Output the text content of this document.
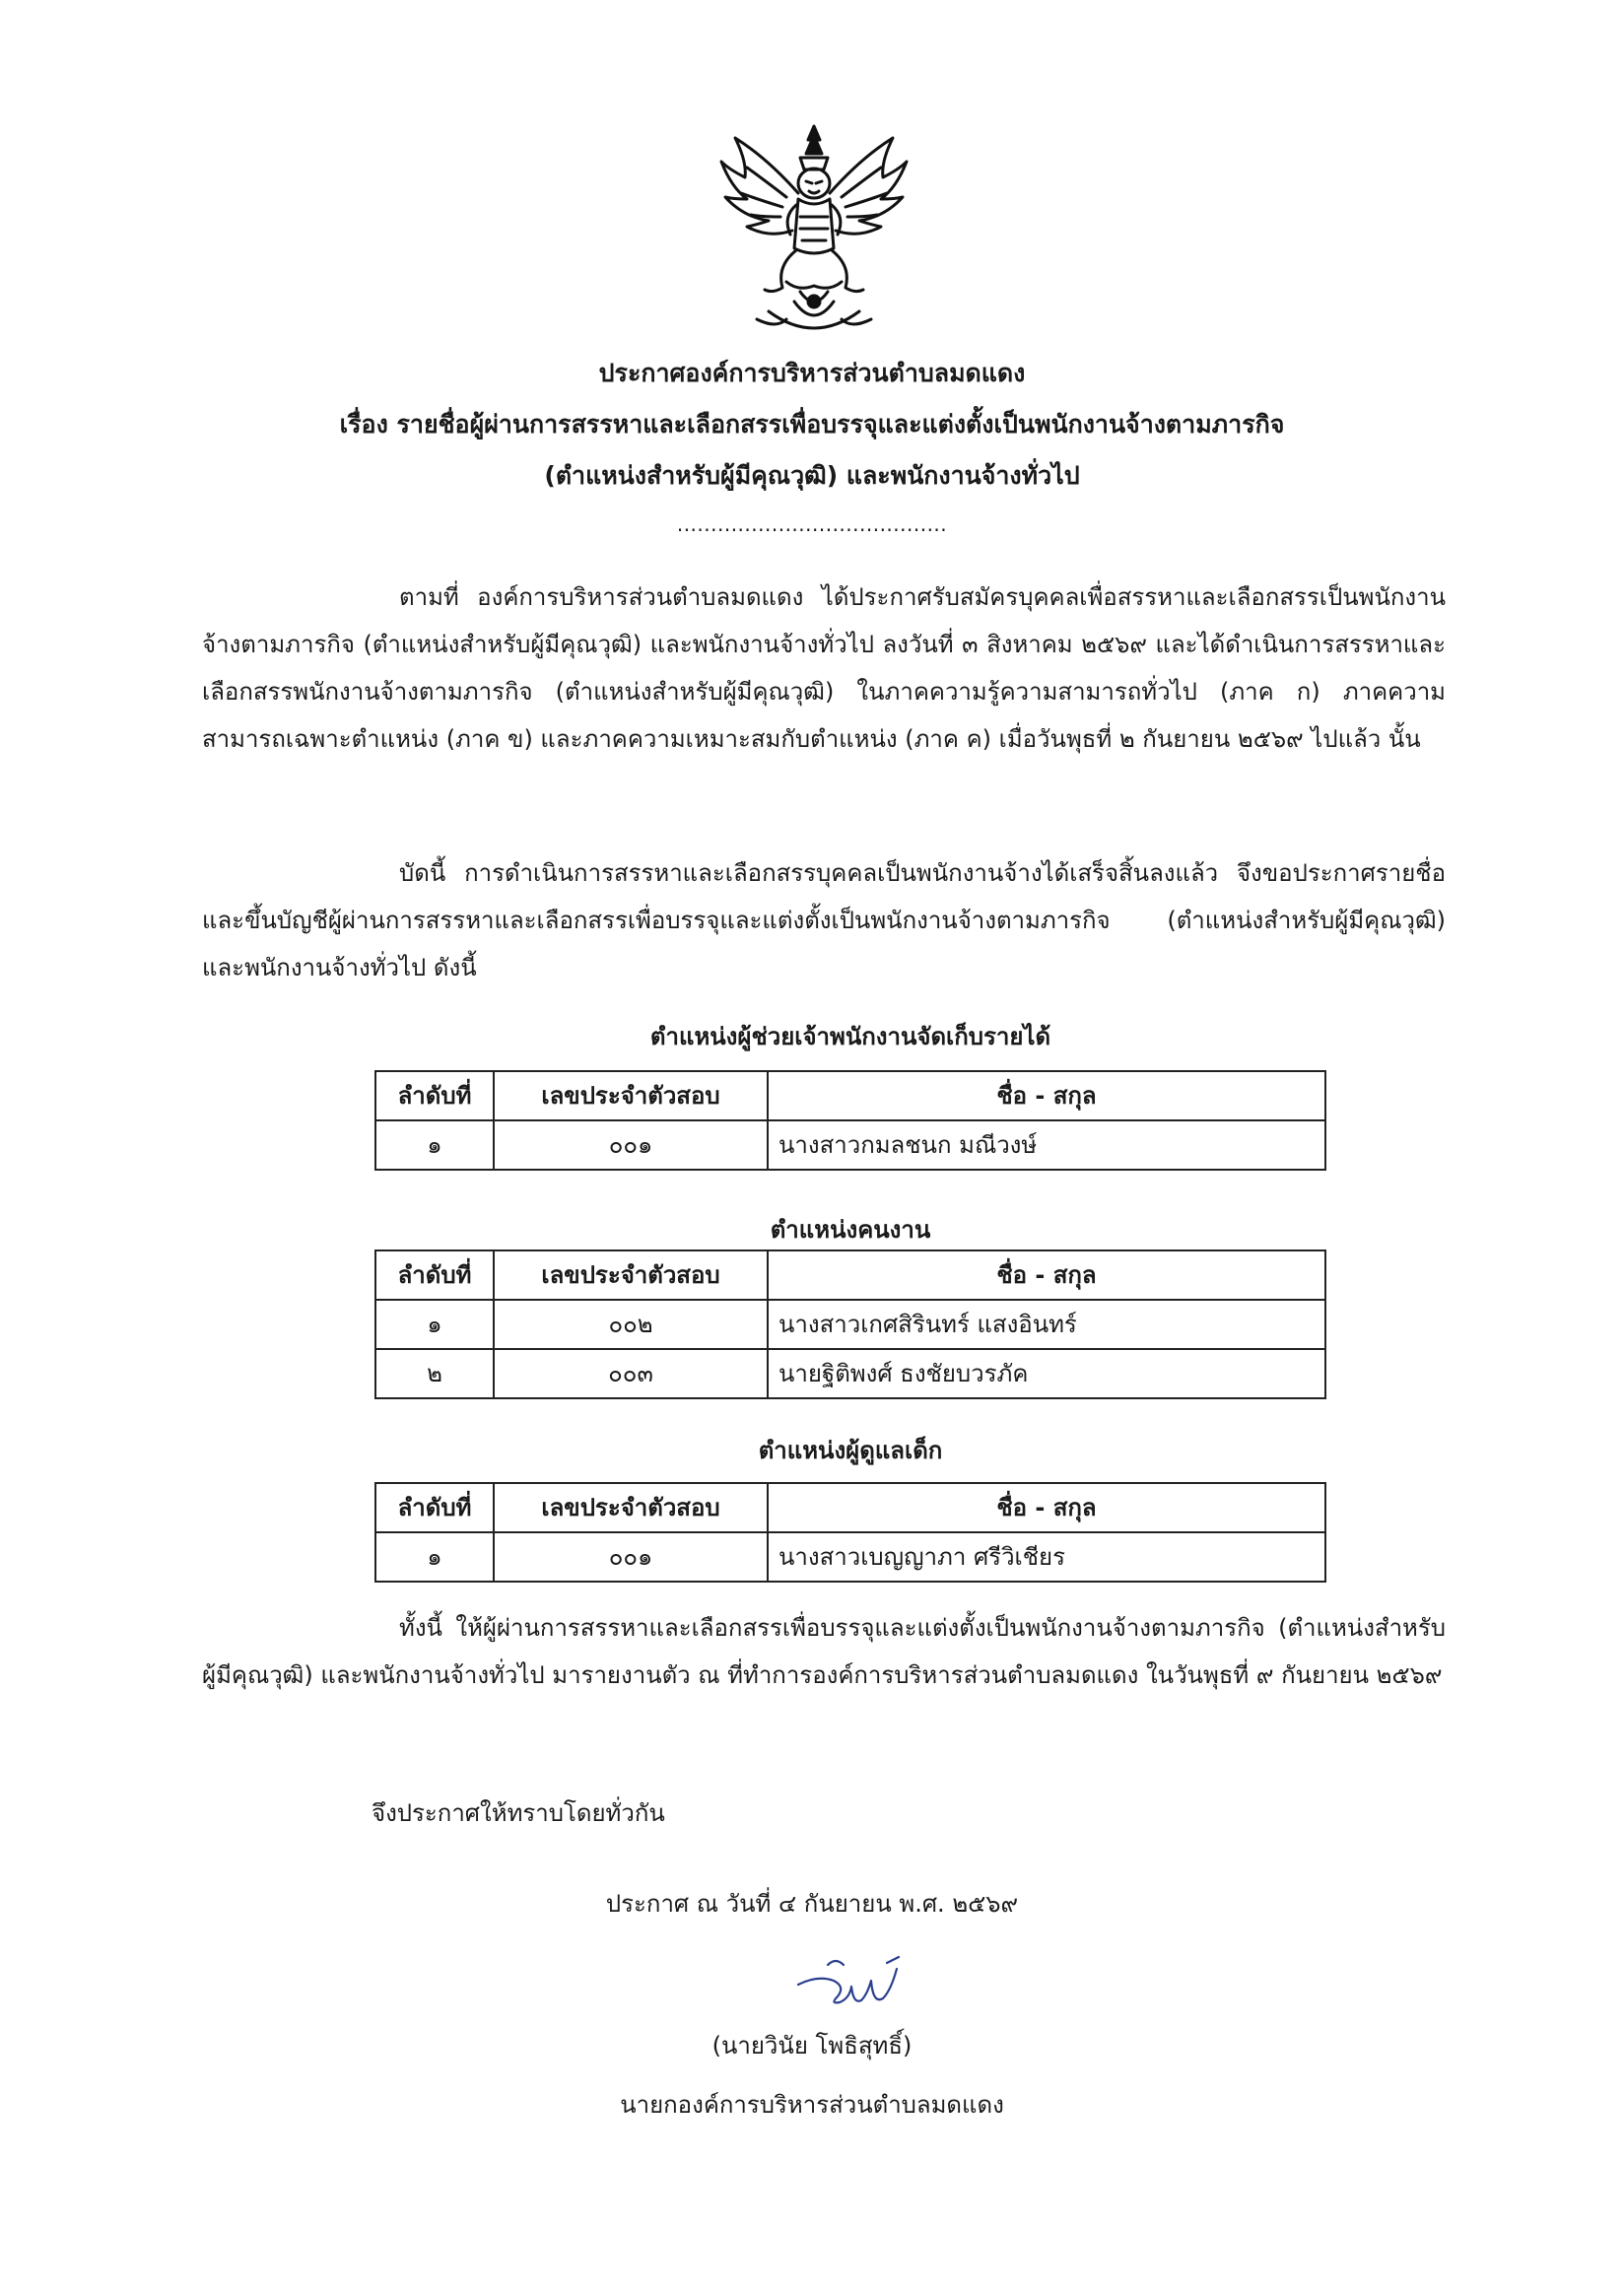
ประกาศองค์การบริหารส่วนตำบลมดแดง
เรื่อง รายชื่อผู้ผ่านการสรรหาและเลือกสรรเพื่อบรรจุและแต่งตั้งเป็นพนักงานจ้างตามภารกิจ
(ตำแหน่งสำหรับผู้มีคุณวุฒิ) และพนักงานจ้างทั่วไป
........................................
ตามที่ องค์การบริหารส่วนตำบลมดแดง ได้ประกาศรับสมัครบุคคลเพื่อสรรหาและเลือกสรรเป็นพนักงานจ้างตามภารกิจ (ตำแหน่งสำหรับผู้มีคุณวุฒิ) และพนักงานจ้างทั่วไป ลงวันที่ ๓ สิงหาคม ๒๕๖๙ และได้ดำเนินการสรรหาและเลือกสรรพนักงานจ้างตามภารกิจ (ตำแหน่งสำหรับผู้มีคุณวุฒิ) ในภาคความรู้ความสามารถทั่วไป (ภาค ก) ภาคความสามารถเฉพาะตำแหน่ง (ภาค ข) และภาคความเหมาะสมกับตำแหน่ง (ภาค ค) เมื่อวันพุธที่ ๒ กันยายน ๒๕๖๙ ไปแล้ว นั้น
บัดนี้ การดำเนินการสรรหาและเลือกสรรบุคคลเป็นพนักงานจ้างได้เสร็จสิ้นลงแล้ว จึงขอประกาศรายชื่อและขึ้นบัญชีผู้ผ่านการสรรหาและเลือกสรรเพื่อบรรจุและแต่งตั้งเป็นพนักงานจ้างตามภารกิจ (ตำแหน่งสำหรับผู้มีคุณวุฒิ) และพนักงานจ้างทั่วไป ดังนี้
ตำแหน่งผู้ช่วยเจ้าพนักงานจัดเก็บรายได้
ลำดับที่	เลขประจำตัวสอบ	ชื่อ - สกุล
๑	๐๐๑	นางสาวกมลชนก มณีวงษ์
ตำแหน่งคนงาน
ลำดับที่	เลขประจำตัวสอบ	ชื่อ - สกุล
๑	๐๐๒	นางสาวเกศสิรินทร์ แสงอินทร์
๒	๐๐๓	นายฐิติพงศ์ ธงชัยบวรภัค
ตำแหน่งผู้ดูแลเด็ก
ลำดับที่	เลขประจำตัวสอบ	ชื่อ - สกุล
๑	๐๐๑	นางสาวเบญญาภา ศรีวิเชียร
ทั้งนี้ ให้ผู้ผ่านการสรรหาและเลือกสรรเพื่อบรรจุและแต่งตั้งเป็นพนักงานจ้างตามภารกิจ (ตำแหน่งสำหรับผู้มีคุณวุฒิ) และพนักงานจ้างทั่วไป มารายงานตัว ณ ที่ทำการองค์การบริหารส่วนตำบลมดแดง ในวันพุธที่ ๙ กันยายน ๒๕๖๙
จึงประกาศให้ทราบโดยทั่วกัน
ประกาศ ณ วันที่ ๔ กันยายน พ.ศ. ๒๕๖๙
(นายวินัย โพธิสุทธิ์)
นายกองค์การบริหารส่วนตำบลมดแดง
